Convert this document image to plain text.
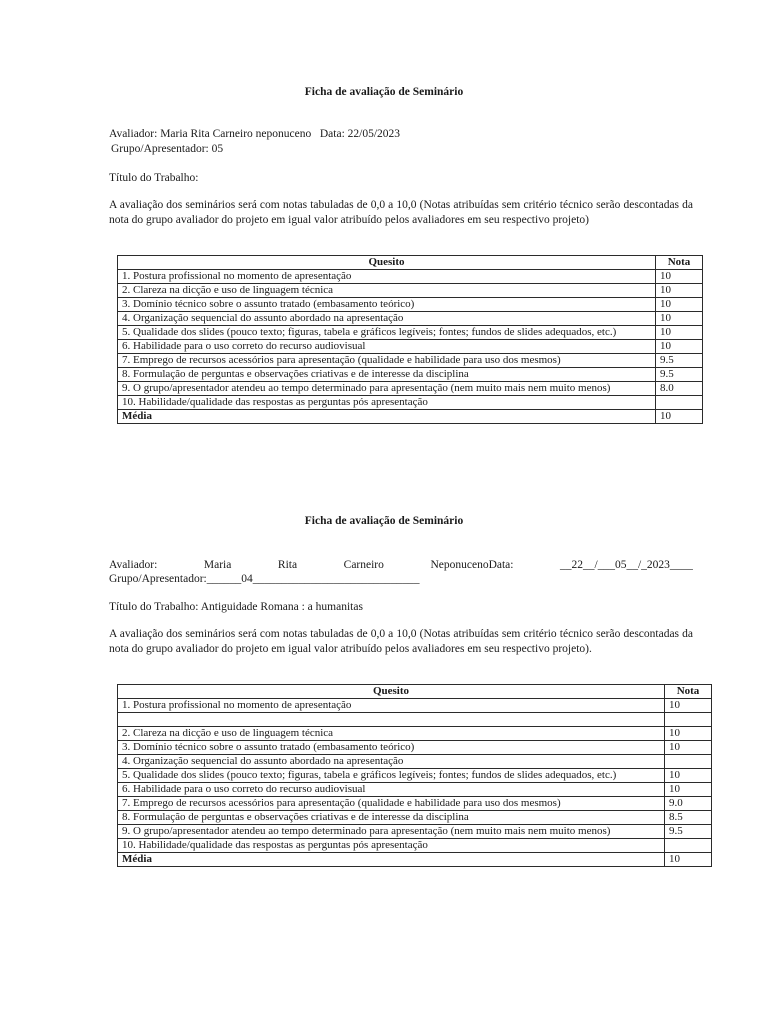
Ficha de avaliação de Seminário

Avaliador: Maria Rita Carneiro neponuceno   Data: 22/05/2023
Grupo/Apresentador: 05
Título do Trabalho:
A avaliação dos seminários será com notas tabuladas de 0,0 a 10,0 (Notas atribuídas sem critério técnico serão descontadas da nota do grupo avaliador do projeto em igual valor atribuído pelos avaliadores em seu respectivo projeto)
Quesito	Nota
1. Postura profissional no momento de apresentação	10
2. Clareza na dicção e uso de linguagem técnica	10
3. Domínio técnico sobre o assunto tratado (embasamento teórico)	10
4. Organização sequencial do assunto abordado na apresentação	10
5. Qualidade dos slides (pouco texto; figuras, tabela e gráficos legíveis; fontes; fundos de slides adequados, etc.)	10
6. Habilidade para o uso correto do recurso audiovisual	10
7. Emprego de recursos acessórios para apresentação (qualidade e habilidade para uso dos mesmos)	9.5
8. Formulação de perguntas e observações criativas e de interesse da disciplina	9.5
9. O grupo/apresentador atendeu ao tempo determinado para apresentação (nem muito mais nem muito menos)	8.0
10. Habilidade/qualidade das respostas as perguntas pós apresentação	
Média	10

Ficha de avaliação de Seminário

Avaliador:	Maria	Rita	Carneiro	NeponucenoData:	__22__/___05__/_2023____
Grupo/Apresentador:______04_____________________________
Título do Trabalho: Antiguidade Romana : a humanitas
A avaliação dos seminários será com notas tabuladas de 0,0 a 10,0 (Notas atribuídas sem critério técnico serão descontadas da nota do grupo avaliador do projeto em igual valor atribuído pelos avaliadores em seu respectivo projeto).
Quesito	Nota
1. Postura profissional no momento de apresentação	10

2. Clareza na dicção e uso de linguagem técnica	10
3. Domínio técnico sobre o assunto tratado (embasamento teórico)	10
4. Organização sequencial do assunto abordado na apresentação	
5. Qualidade dos slides (pouco texto; figuras, tabela e gráficos legíveis; fontes; fundos de slides adequados, etc.)	10
6. Habilidade para o uso correto do recurso audiovisual	10
7. Emprego de recursos acessórios para apresentação (qualidade e habilidade para uso dos mesmos)	9.0
8. Formulação de perguntas e observações criativas e de interesse da disciplina	8.5
9. O grupo/apresentador atendeu ao tempo determinado para apresentação (nem muito mais nem muito menos)	9.5
10. Habilidade/qualidade das respostas as perguntas pós apresentação	
Média	10
